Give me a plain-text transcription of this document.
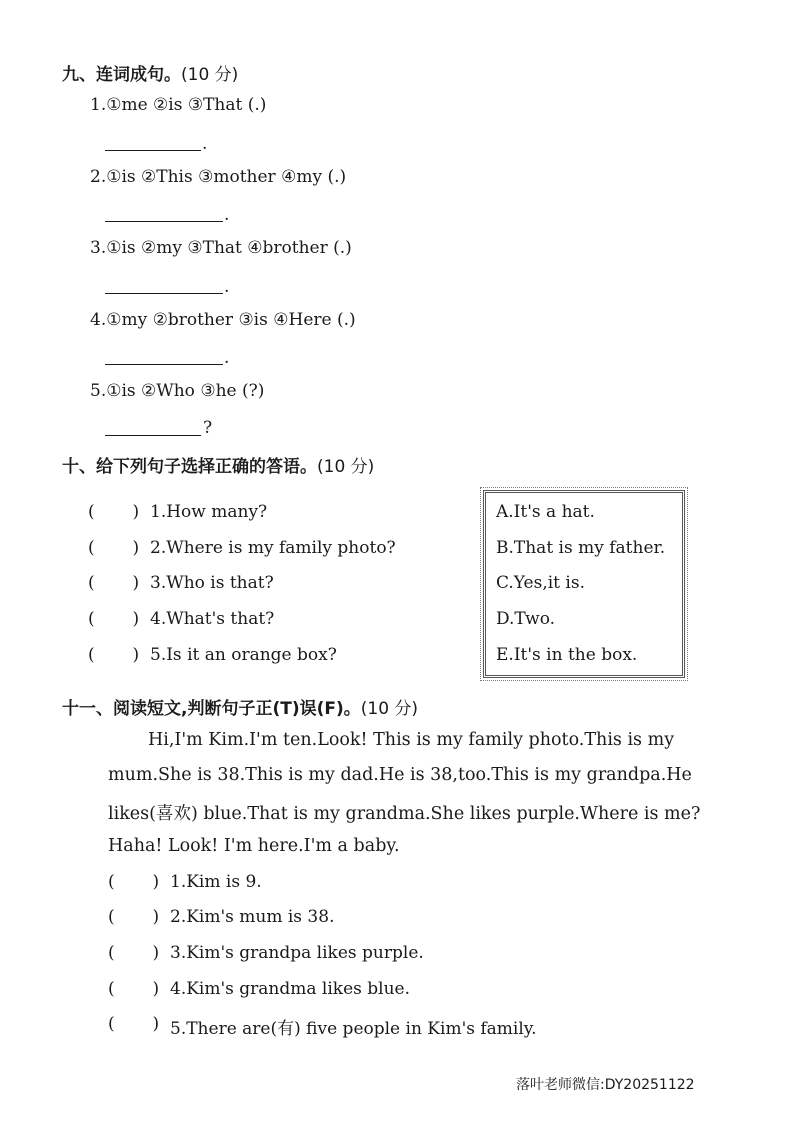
九、连词成句。(10 分)
1.①me ②is ③That (.)
.
2.①is ②This ③mother ④my (.)
.
3.①is ②my ③That ④brother (.)
.
4.①my ②brother ③is ④Here (.)
.
5.①is ②Who ③he (?)
?
十、给下列句子选择正确的答语。(10 分)
(       ) 1.How many?
(       ) 2.Where is my family photo?
(       ) 3.Who is that?
(       ) 4.What's that?
(       ) 5.Is it an orange box?
A.It's a hat.
B.That is my father.
C.Yes,it is.
D.Two.
E.It's in the box.
十一、阅读短文,判断句子正(T)误(F)。(10 分)
Hi,I'm Kim.I'm ten.Look! This is my family photo.This is my
mum.She is 38.This is my dad.He is 38,too.This is my grandpa.He
likes(喜欢) blue.That is my grandma.She likes purple.Where is me?
Haha! Look! I'm here.I'm a baby.
(       ) 1.Kim is 9.
(       ) 2.Kim's mum is 38.
(       ) 3.Kim's grandpa likes purple.
(       ) 4.Kim's grandma likes blue.
(       ) 5.There are(有) five people in Kim's family.
落叶老师微信:DY20251122
